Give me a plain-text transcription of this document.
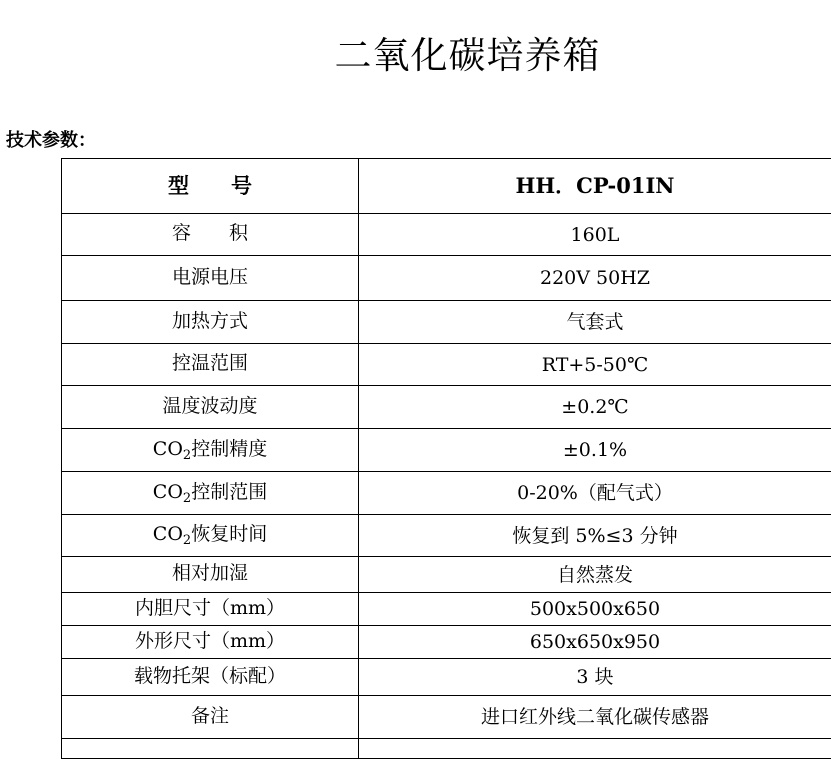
二氧化碳培养箱
技术参数：
型　　号	HH．CP-01IN
容　　积	160L
电源电压	220V 50HZ
加热方式	气套式
控温范围	RT+5-50℃
温度波动度	±0.2℃
$CO_2$控制精度	±0.1%
$CO_2$控制范围	0-20%（配气式）
$CO_2$恢复时间	恢复到 5%≤3 分钟
相对加湿	自然蒸发
内胆尺寸（mm）	500x500x650
外形尺寸（mm）	650x650x950
载物托架（标配）	3 块
备注	进口红外线二氧化碳传感器
